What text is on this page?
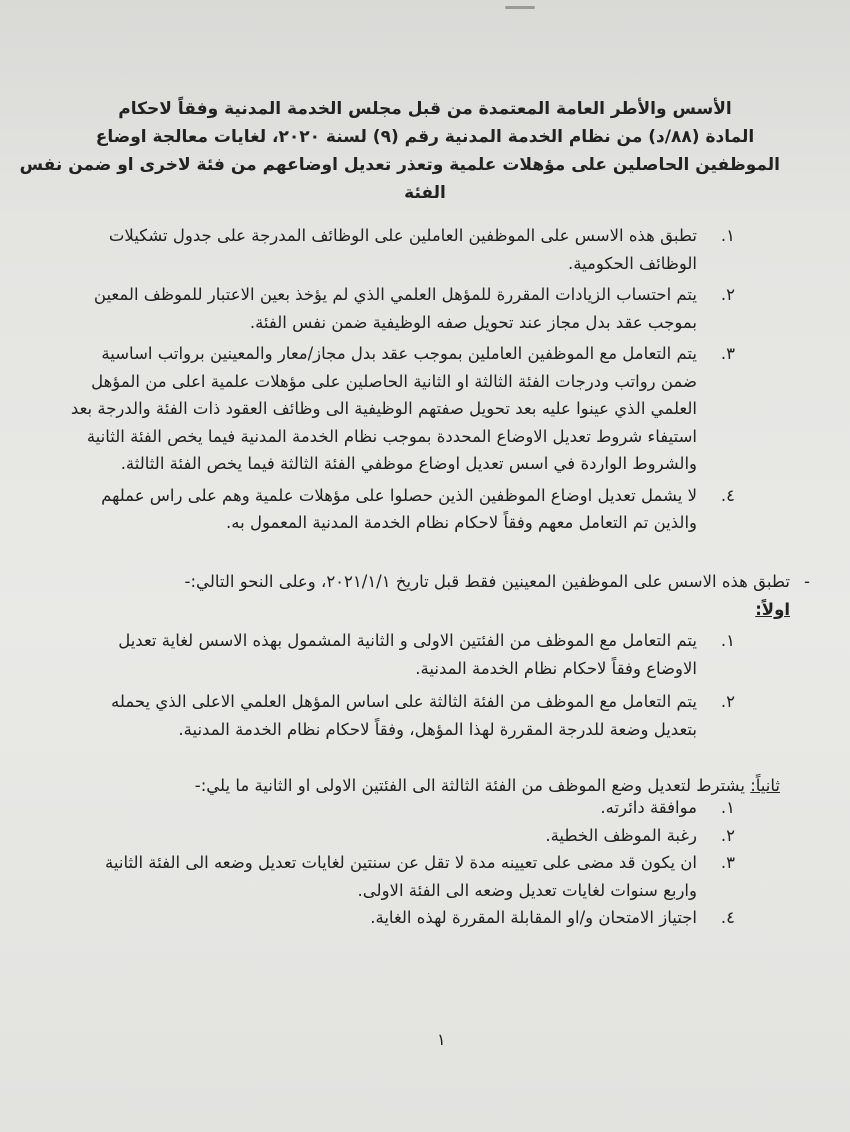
الأسس والأطر العامة المعتمدة من قبل مجلس الخدمة المدنية وفقاً لاحكام
المادة (٨٨/د) من نظام الخدمة المدنية رقم (٩) لسنة ٢٠٢٠، لغايات معالجة اوضاع
الموظفين الحاصلين على مؤهلات علمية وتعذر تعديل اوضاعهم من فئة لاخرى او ضمن نفس
الفئة
١.
تطبق هذه الاسس على الموظفين العاملين على الوظائف المدرجة على جدول تشكيلات الوظائف الحكومية.
٢.
يتم احتساب الزيادات المقررة للمؤهل العلمي الذي لم يؤخذ بعين الاعتبار للموظف المعين بموجب عقد بدل مجاز عند تحويل صفه الوظيفية ضمن نفس الفئة.
٣.
يتم التعامل مع الموظفين العاملين بموجب عقد بدل مجاز/معار والمعينين برواتب اساسية ضمن رواتب ودرجات الفئة الثالثة او الثانية الحاصلين على مؤهلات علمية اعلى من المؤهل العلمي الذي عينوا عليه بعد تحويل صفتهم الوظيفية الى وظائف العقود ذات الفئة والدرجة بعد استيفاء شروط تعديل الاوضاع المحددة بموجب نظام الخدمة المدنية فيما يخص الفئة الثانية والشروط الواردة في اسس تعديل اوضاع موظفي الفئة الثالثة فيما يخص الفئة الثالثة.
٤.
لا يشمل تعديل اوضاع الموظفين الذين حصلوا على مؤهلات علمية وهم على راس عملهم والذين تم التعامل معهم وفقاً لاحكام نظام الخدمة المدنية المعمول به.
-
تطبق هذه الاسس على الموظفين المعينين فقط قبل تاريخ ٢٠٢١/١/١، وعلى النحو التالي:-
اولاً:
١.
يتم التعامل مع الموظف من الفئتين الاولى و الثانية المشمول بهذه الاسس لغاية تعديل الاوضاع وفقاً لاحكام نظام الخدمة المدنية.
٢.
يتم التعامل مع الموظف من الفئة الثالثة على اساس المؤهل العلمي الاعلى الذي يحمله بتعديل وضعة للدرجة المقررة لهذا المؤهل، وفقاً لاحكام نظام الخدمة المدنية.
ثانياً: يشترط لتعديل وضع الموظف من الفئة الثالثة الى الفئتين الاولى او الثانية ما يلي:-
١.
موافقة دائرته.
٢.
رغبة الموظف الخطية.
٣.
ان يكون قد مضى على تعيينه مدة لا تقل عن سنتين لغايات تعديل وضعه الى الفئة الثانية واربع سنوات لغايات تعديل وضعه الى الفئة الاولى.
٤.
اجتياز الامتحان و/او المقابلة المقررة لهذه الغاية.
١
